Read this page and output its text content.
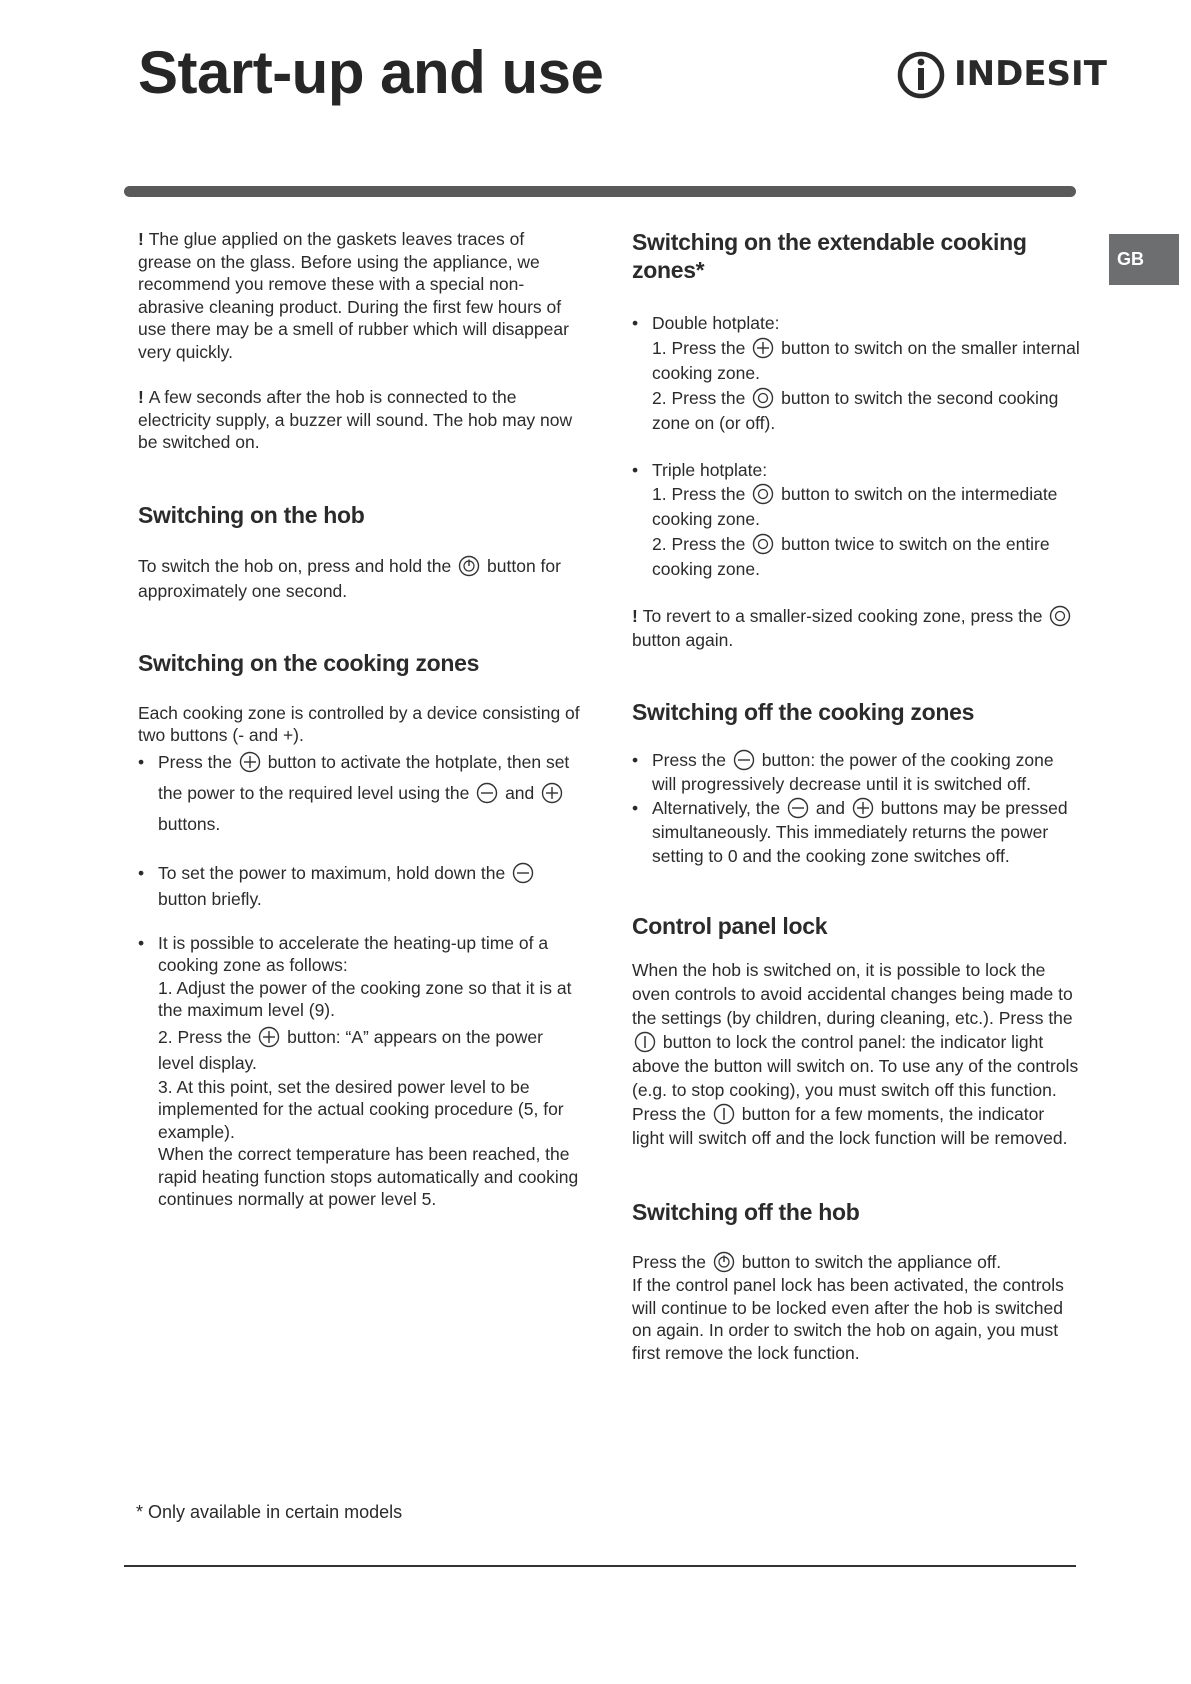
Start-up and use	INDESIT
GB

! The glue applied on the gaskets leaves traces of grease on the glass. Before using the appliance, we recommend you remove these with a special non-abrasive cleaning product. During the first few hours of use there may be a smell of rubber which will disappear very quickly.

! A few seconds after the hob is connected to the electricity supply, a buzzer will sound. The hob may now be switched on.

Switching on the hob

To switch the hob on, press and hold the button for approximately one second.

Switching on the cooking zones

Each cooking zone is controlled by a device consisting of two buttons (- and +).

• Press the button to activate the hotplate, then set the power to the required level using the and  buttons.

• To set the power to maximum, hold down the  button briefly.

• It is possible to accelerate the heating-up time of a cooking zone as follows:

1. Adjust the power of the cooking zone so that it is at the maximum level (9).

2. Press the button: “A” appears on the power level display.

3. At this point, set the desired power level to be implemented for the actual cooking procedure (5, for example).

When the correct temperature has been reached, the rapid heating function stops automatically and cooking continues normally at power level 5.

* Only available in certain models
Switching on the extendable cooking zones*

• Double hotplate:

1. Press the button to switch on the smaller internal cooking zone.

2. Press the button to switch the second cooking zone on (or off).

• Triple hotplate:

1. Press the button to switch on the intermediate cooking zone.

2. Press the button twice to switch on the entire cooking zone.

! To revert to a smaller-sized cooking zone, press the  button again.

Switching off the cooking zones

• Press the button: the power of the cooking zone will progressively decrease until it is switched off.

• Alternatively, the and buttons may be pressed simultaneously. This immediately returns the power setting to 0 and the cooking zone switches off.

Control panel lock

When the hob is switched on, it is possible to lock the oven controls to avoid accidental changes being made to the settings (by children, during cleaning, etc.). Press the  button to lock the control panel: the indicator light above the button will switch on. To use any of the controls (e.g. to stop cooking), you must switch off this function. Press the button for a few moments, the indicator light will switch off and the lock function will be removed.

Switching off the hob

Press the button to switch the appliance off.

If the control panel lock has been activated, the controls will continue to be locked even after the hob is switched on again. In order to switch the hob on again, you must first remove the lock function.
